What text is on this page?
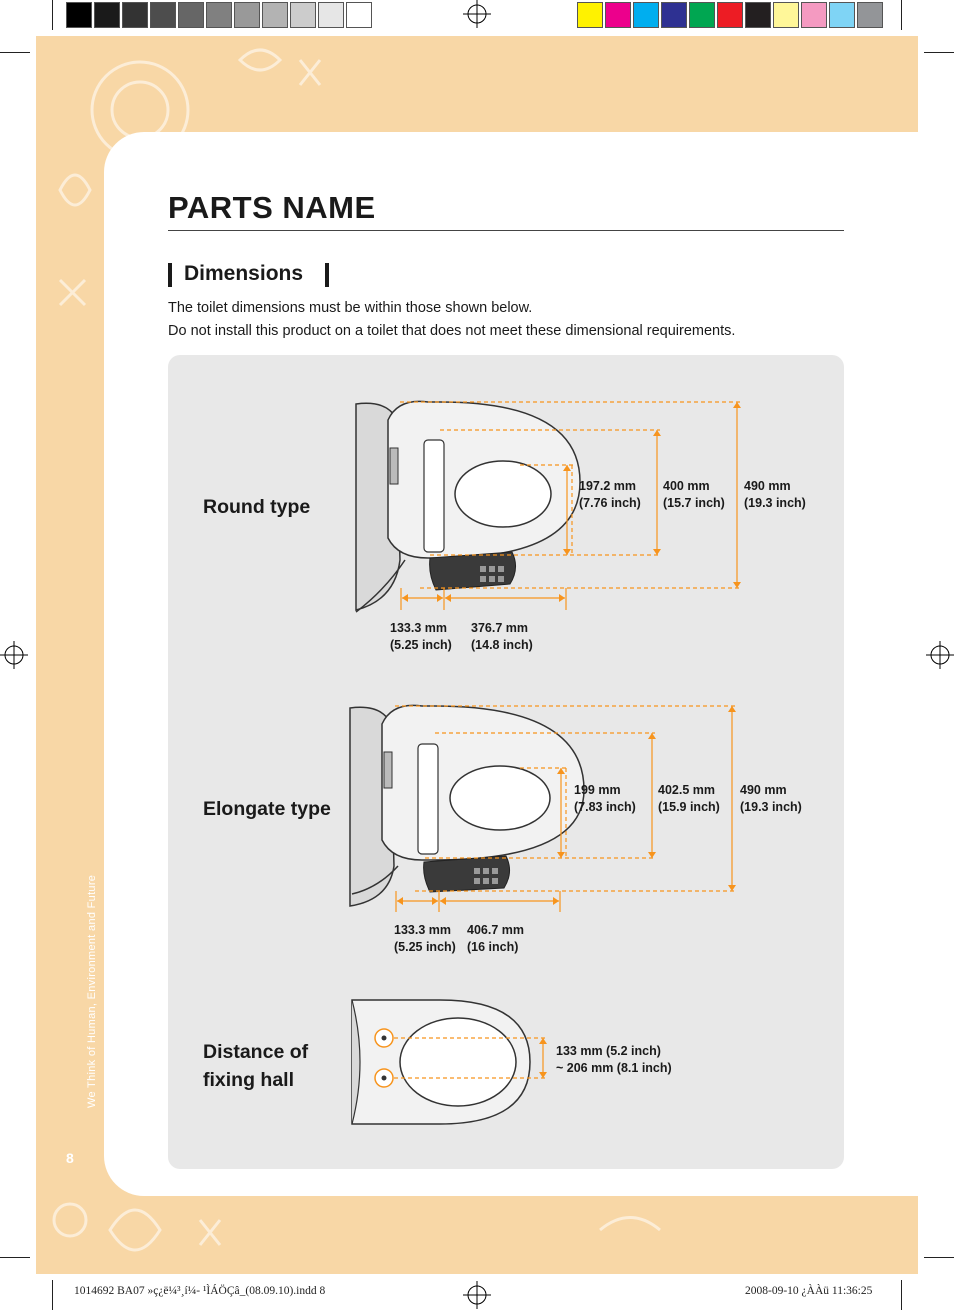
PARTS NAME
Dimensions
The toilet dimensions must be within those shown below.
Do not install this product on a toilet that does not meet these dimensional requirements.
Round type
Elongate type
Distance of
fixing hall
197.2 mm
(7.76 inch)
400 mm
(15.7 inch)
490 mm
(19.3 inch)
133.3 mm
(5.25 inch)
376.7 mm
(14.8 inch)
199 mm
(7.83 inch)
402.5 mm
(15.9 inch)
490 mm
(19.3 inch)
133.3 mm
(5.25 inch)
406.7 mm
(16 inch)
133 mm (5.2 inch)
~ 206 mm (8.1 inch)
8
We Think of Human, Environment and Future
1014692 BA07 »ç¿ë¼³¸í¼- ¹ÌÁÖÇâ_(08.09.10).indd 8	2008-09-10 ¿ÀÀü 11:36:25
